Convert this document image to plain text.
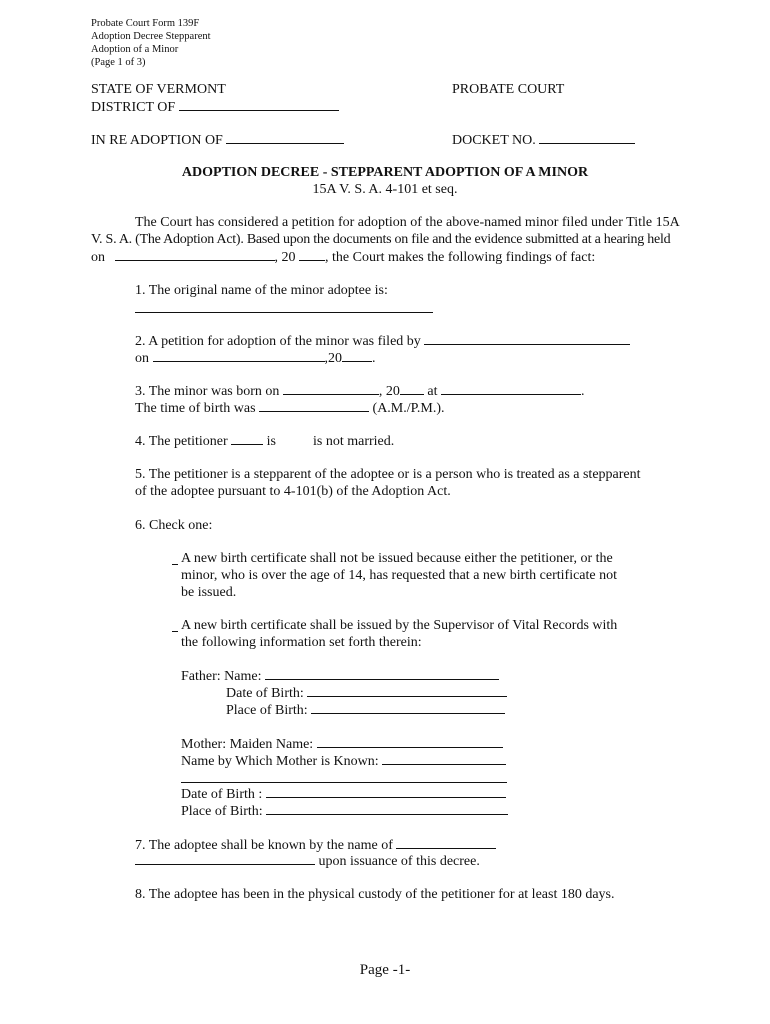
Probate Court Form 139F
Adoption Decree Stepparent
Adoption of a Minor
(Page 1 of 3)
STATE OF VERMONT	PROBATE COURT
DISTRICT OF
IN RE ADOPTION OF	DOCKET NO.
ADOPTION DECREE - STEPPARENT ADOPTION OF A MINOR
15A V. S. A. 4-101 et seq.
The Court has considered a petition for adoption of the above-named minor filed under Title 15A
V. S. A. (The Adoption Act). Based upon the documents on file and the evidence submitted at a hearing held
on	, 20 , the Court makes the following findings of fact:
1. The original name of the minor adoptee is:
2. A petition for adoption of the minor was filed by
on	,20 .
3. The minor was born on	, 20 at	.
The time of birth was	(A.M./P.M.).
4. The petitioner	is	is not married.
5. The petitioner is a stepparent of the adoptee or is a person who is treated as a stepparent
of the adoptee pursuant to 4-101(b) of the Adoption Act.
6. Check one:
A new birth certificate shall not be issued because either the petitioner, or the
minor, who is over the age of 14, has requested that a new birth certificate not
be issued.
A new birth certificate shall be issued by the Supervisor of Vital Records with
the following information set forth therein:
Father: Name:
Date of Birth:
Place of Birth:
Mother: Maiden Name:
Name by Which Mother is Known:
Date of Birth :
Place of Birth:
7. The adoptee shall be known by the name of
upon issuance of this decree.
8. The adoptee has been in the physical custody of the petitioner for at least 180 days.
Page -1-
